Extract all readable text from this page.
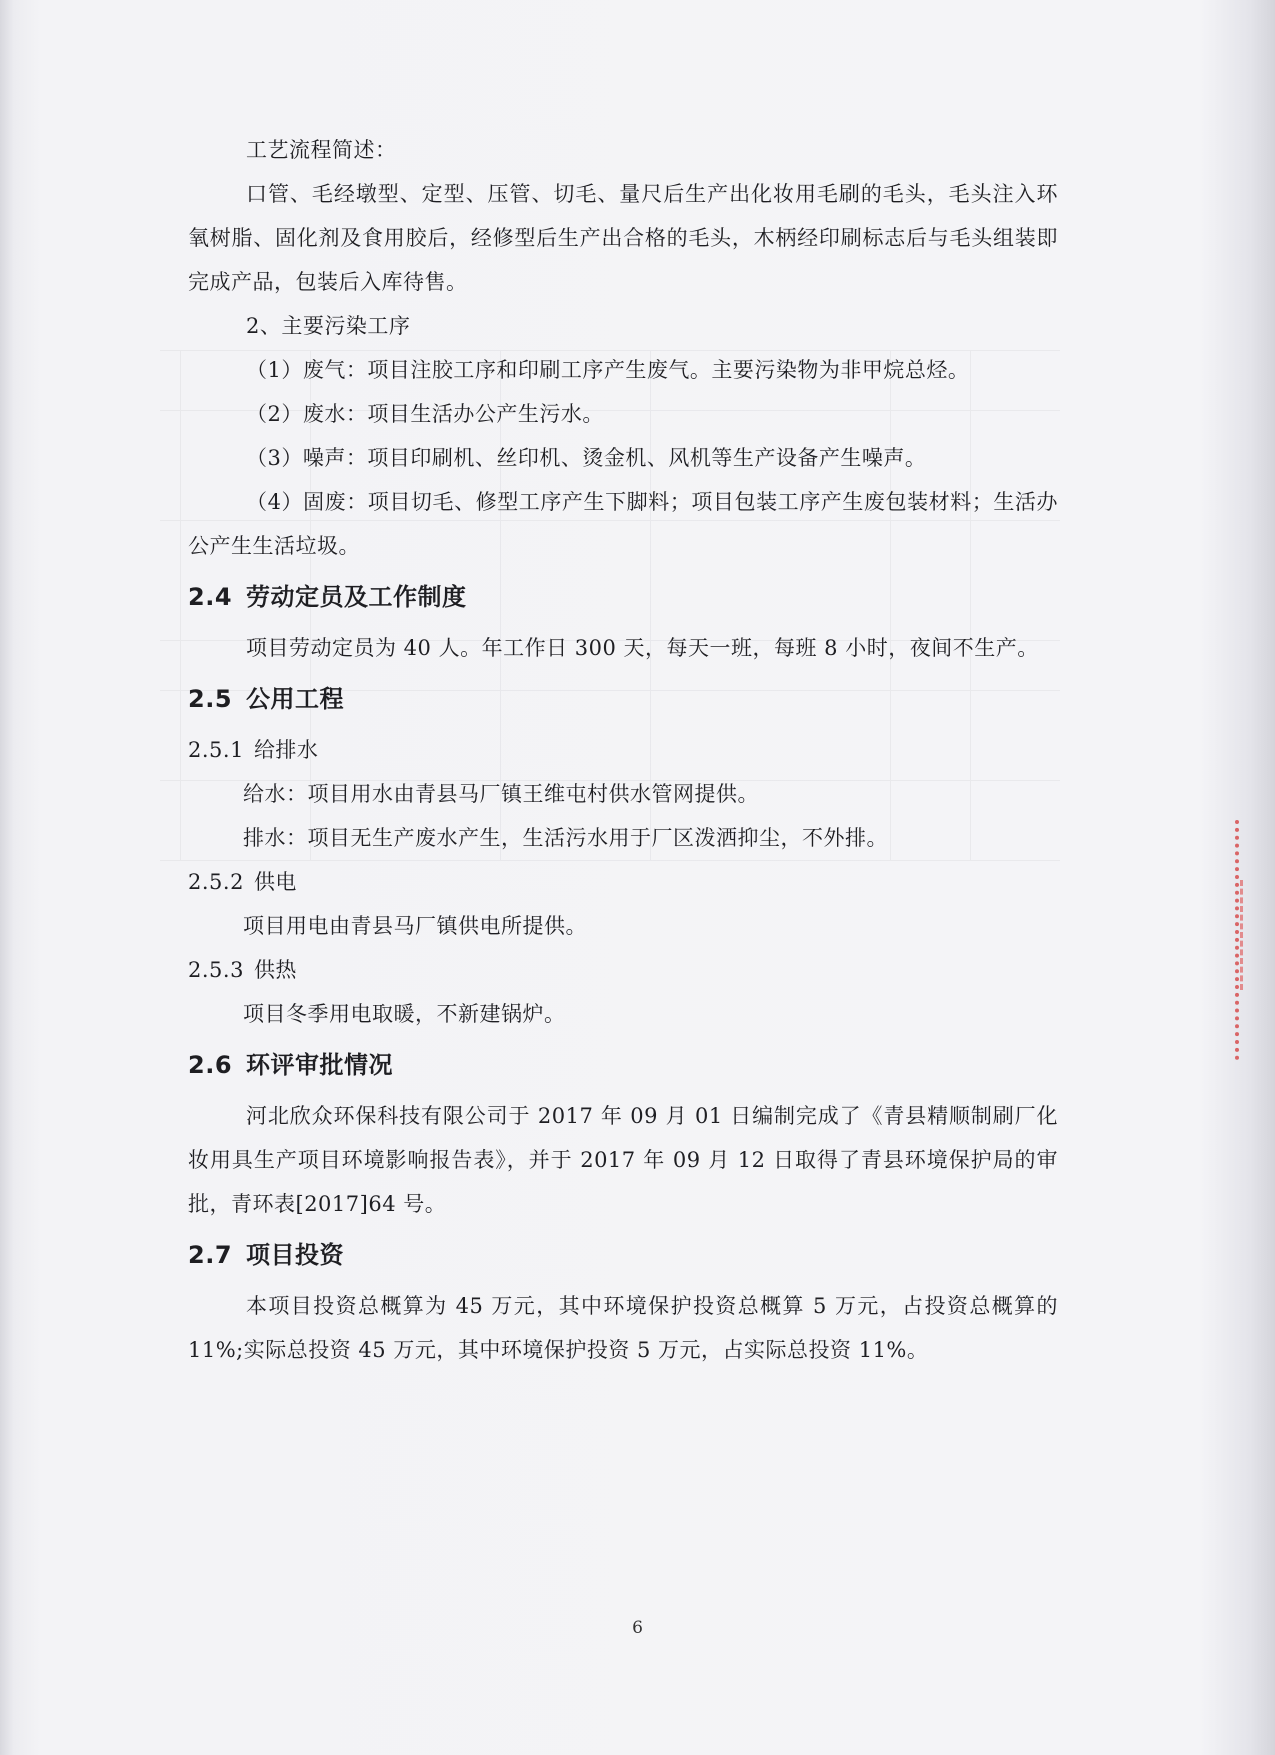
工艺流程简述：

口管、毛经墩型、定型、压管、切毛、量尺后生产出化妆用毛刷的毛头，毛头注入环氧树脂、固化剂及食用胶后，经修型后生产出合格的毛头，木柄经印刷标志后与毛头组装即完成产品，包装后入库待售。

2、主要污染工序

（1）废气：项目注胶工序和印刷工序产生废气。主要污染物为非甲烷总烃。

（2）废水：项目生活办公产生污水。

（3）噪声：项目印刷机、丝印机、烫金机、风机等生产设备产生噪声。

（4）固废：项目切毛、修型工序产生下脚料；项目包装工序产生废包装材料；生活办公产生生活垃圾。

2.4 劳动定员及工作制度

项目劳动定员为 40 人。年工作日 300 天，每天一班，每班 8 小时，夜间不生产。

2.5 公用工程
2.5.1 给排水

给水：项目用水由青县马厂镇王维屯村供水管网提供。

排水：项目无生产废水产生，生活污水用于厂区泼洒抑尘，不外排。

2.5.2 供电

项目用电由青县马厂镇供电所提供。

2.5.3 供热

项目冬季用电取暖，不新建锅炉。

2.6 环评审批情况

河北欣众环保科技有限公司于 2017 年 09 月 01 日编制完成了《青县精顺制刷厂化妆用具生产项目环境影响报告表》，并于 2017 年 09 月 12 日取得了青县环境保护局的审批，青环表[2017]64 号。

2.7 项目投资

本项目投资总概算为 45 万元，其中环境保护投资总概算 5 万元，占投资总概算的 11%;实际总投资 45 万元，其中环境保护投资 5 万元，占实际总投资 11%。

6
